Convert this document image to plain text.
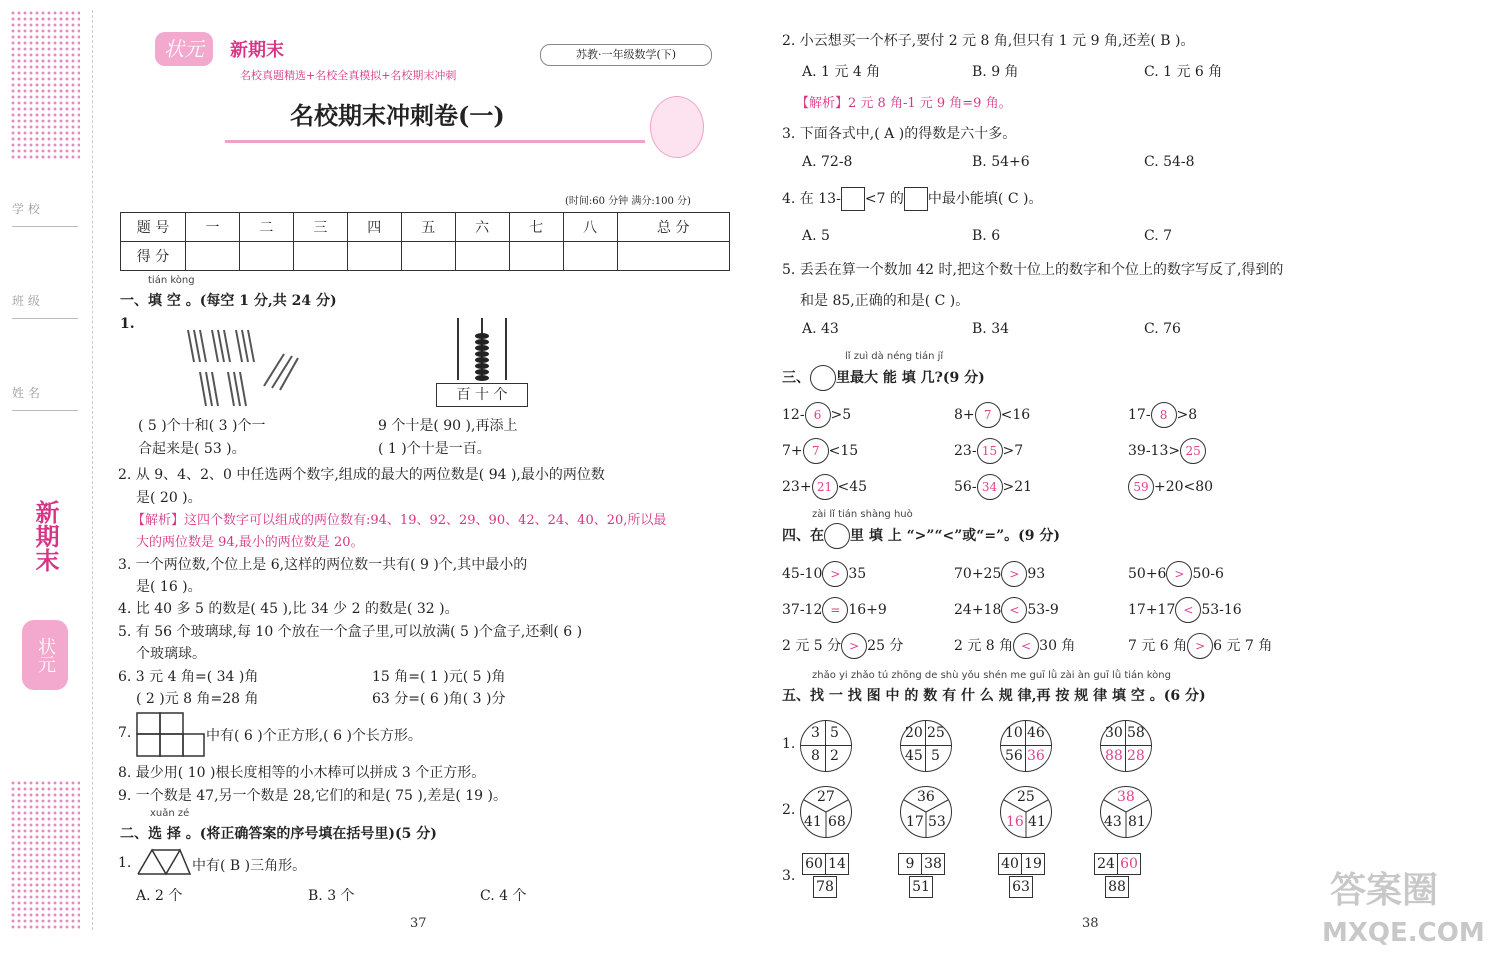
学 校
班 级
姓 名
新期末
状元
状元	新期末
名校真题精选+名校全真模拟+名校期末冲刺
苏教·一年级数学(下)
名校期末冲刺卷(一)
(时间:60 分钟 满分:100 分)
题 号	一	二	三	四	五	六	七	八	总 分
得 分									
tián kòng
一、填 空 。(每空 1 分,共 24 分)
1.
百 十 个
( 5 )个十和( 3 )个一
合起来是( 53 )。
9 个十是( 90 ),再添上
( 1 )个十是一百。
2. 从 9、4、2、0 中任选两个数字,组成的最大的两位数是( 94 ),最小的两位数
是( 20 )。
【解析】这四个数字可以组成的两位数有:94、19、92、29、90、42、24、40、20,所以最
大的两位数是 94,最小的两位数是 20。
3. 一个两位数,个位上是 6,这样的两位数一共有( 9 )个,其中最小的
是( 16 )。
4. 比 40 多 5 的数是( 45 ),比 34 少 2 的数是( 32 )。
5. 有 56 个玻璃球,每 10 个放在一个盒子里,可以放满( 5 )个盒子,还剩( 6 )
个玻璃球。
6. 3 元 4 角=( 34 )角	15 角=( 1 )元( 5 )角
( 2 )元 8 角=28 角	63 分=( 6 )角( 3 )分
7.	中有( 6 )个正方形,( 6 )个长方形。
8. 最少用( 10 )根长度相等的小木棒可以拼成 3 个正方形。
9. 一个数是 47,另一个数是 28,它们的和是( 75 ),差是( 19 )。
xuǎn zé
二、选 择 。(将正确答案的序号填在括号里)(5 分)
1.	中有( B )三角形。
A. 2 个	B. 3 个	C. 4 个
37
2. 小云想买一个杯子,要付 2 元 8 角,但只有 1 元 9 角,还差( B )。
A. 1 元 4 角	B. 9 角	C. 1 元 6 角
【解析】2 元 8 角-1 元 9 角=9 角。
3. 下面各式中,( A )的得数是六十多。
A. 72-8	B. 54+6	C. 54-8
4. 在 13- <7 的 中最小能填( C )。
A. 5	B. 6	C. 7
5. 丢丢在算一个数加 42 时,把这个数十位上的数字和个位上的数字写反了,得到的
和是 85,正确的和是( C )。
A. 43	B. 34	C. 76
lǐ zuì dà néng tián jǐ
三、 里最大 能 填 几?(9 分)
12- 6 >5	8+ 7 <16	17- 8 >8
7+ 7 <15	23- 15 >7	39-13> 25
23+ 21 <45	56- 34 >21	59 +20<80
zài lǐ tián shàng huò
四、在 里 填 上 “>”“<”或“=”。(9 分)
45-10 > 35	70+25 > 93	50+6 > 50-6
37-12 = 16+9	24+18 < 53-9	17+17 < 53-16
2 元 5 分 > 25 分	2 元 8 角 < 30 角	7 元 6 角 > 6 元 7 角
zhǎo yi zhǎo tú zhōng de shù yǒu shén me guī lǜ zài àn guī lǜ tián kòng
五、找 一 找 图 中 的 数 有 什 么 规 律,再 按 规 律 填 空 。(6 分)
1.
3 5
8 2
20 25
45 5
10 46
56 36
30 58
88 28
2.
27
41 68
36
17 53
25
16 41
38
43 81
3.
60 14
78
9 38
51
40 19
63
24 60
88
38
答案圈
MXQE.COM
